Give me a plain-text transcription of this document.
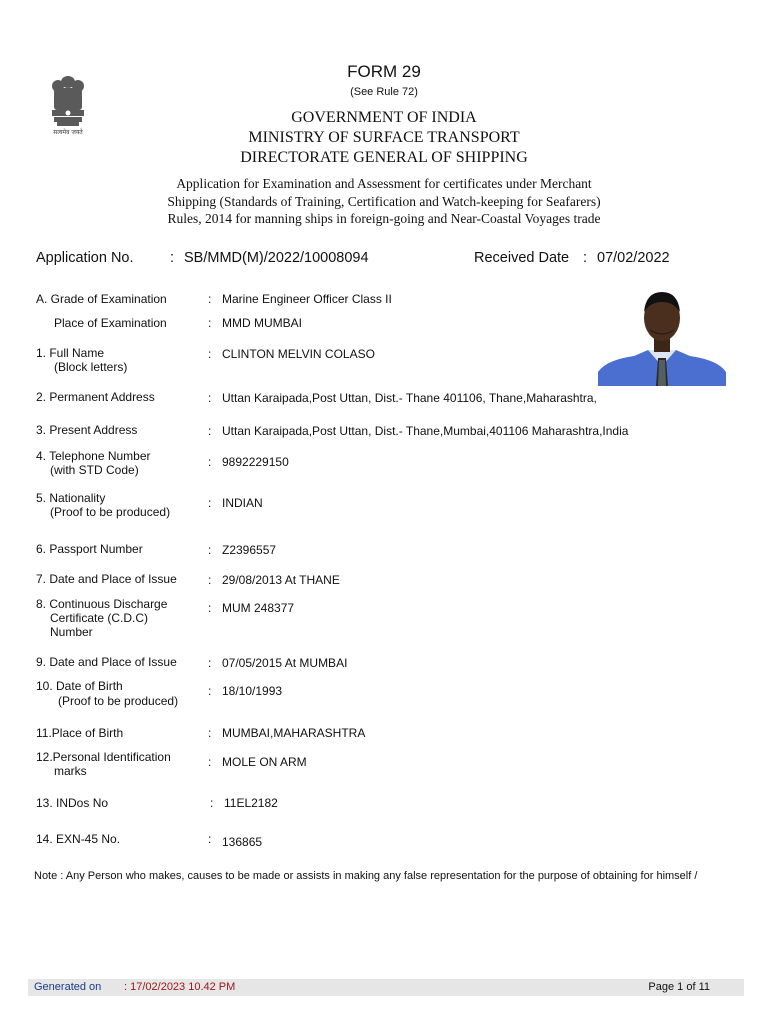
सत्यमेव जयते
FORM 29
(See Rule 72)
GOVERNMENT OF INDIA
MINISTRY OF SURFACE TRANSPORT
DIRECTORATE GENERAL OF SHIPPING
Application for Examination and Assessment for certificates under Merchant
Shipping (Standards of Training, Certification and Watch-keeping for Seafarers)
Rules, 2014 for manning ships in foreign-going and Near-Coastal Voyages trade
Application No.	: SB/MMD(M)/2022/10008094	Received Date : 07/02/2022
A. Grade of Examination	: Marine Engineer Officer Class II
Place of Examination	: MMD MUMBAI
1. Full Name
(Block letters)
: CLINTON MELVIN COLASO
2. Permanent Address	: Uttan Karaipada,Post Uttan, Dist.- Thane 401106, Thane,Maharashtra,
3. Present Address	: Uttan Karaipada,Post Uttan, Dist.- Thane,Mumbai,401106 Maharashtra,India
4. Telephone Number
(with STD Code)
: 9892229150
5. Nationality
(Proof to be produced)
: INDIAN
6. Passport Number	: Z2396557
7. Date and Place of Issue	: 29/08/2013 At THANE
8. Continuous Discharge
Certificate (C.D.C)
Number
: MUM 248377
9. Date and Place of Issue	: 07/05/2015 At MUMBAI
10. Date of Birth
(Proof to be produced)
: 18/10/1993
11.Place of Birth	: MUMBAI,MAHARASHTRA
12.Personal Identification
marks
: MOLE ON ARM
13. INDos No	: 11EL2182
14. EXN-45 No.	: 136865
Note : Any Person who makes, causes to be made or assists in making any false representation for the purpose of obtaining for himself /
Generated on : 17/02/2023 10.42 PM	Page 1 of 11
